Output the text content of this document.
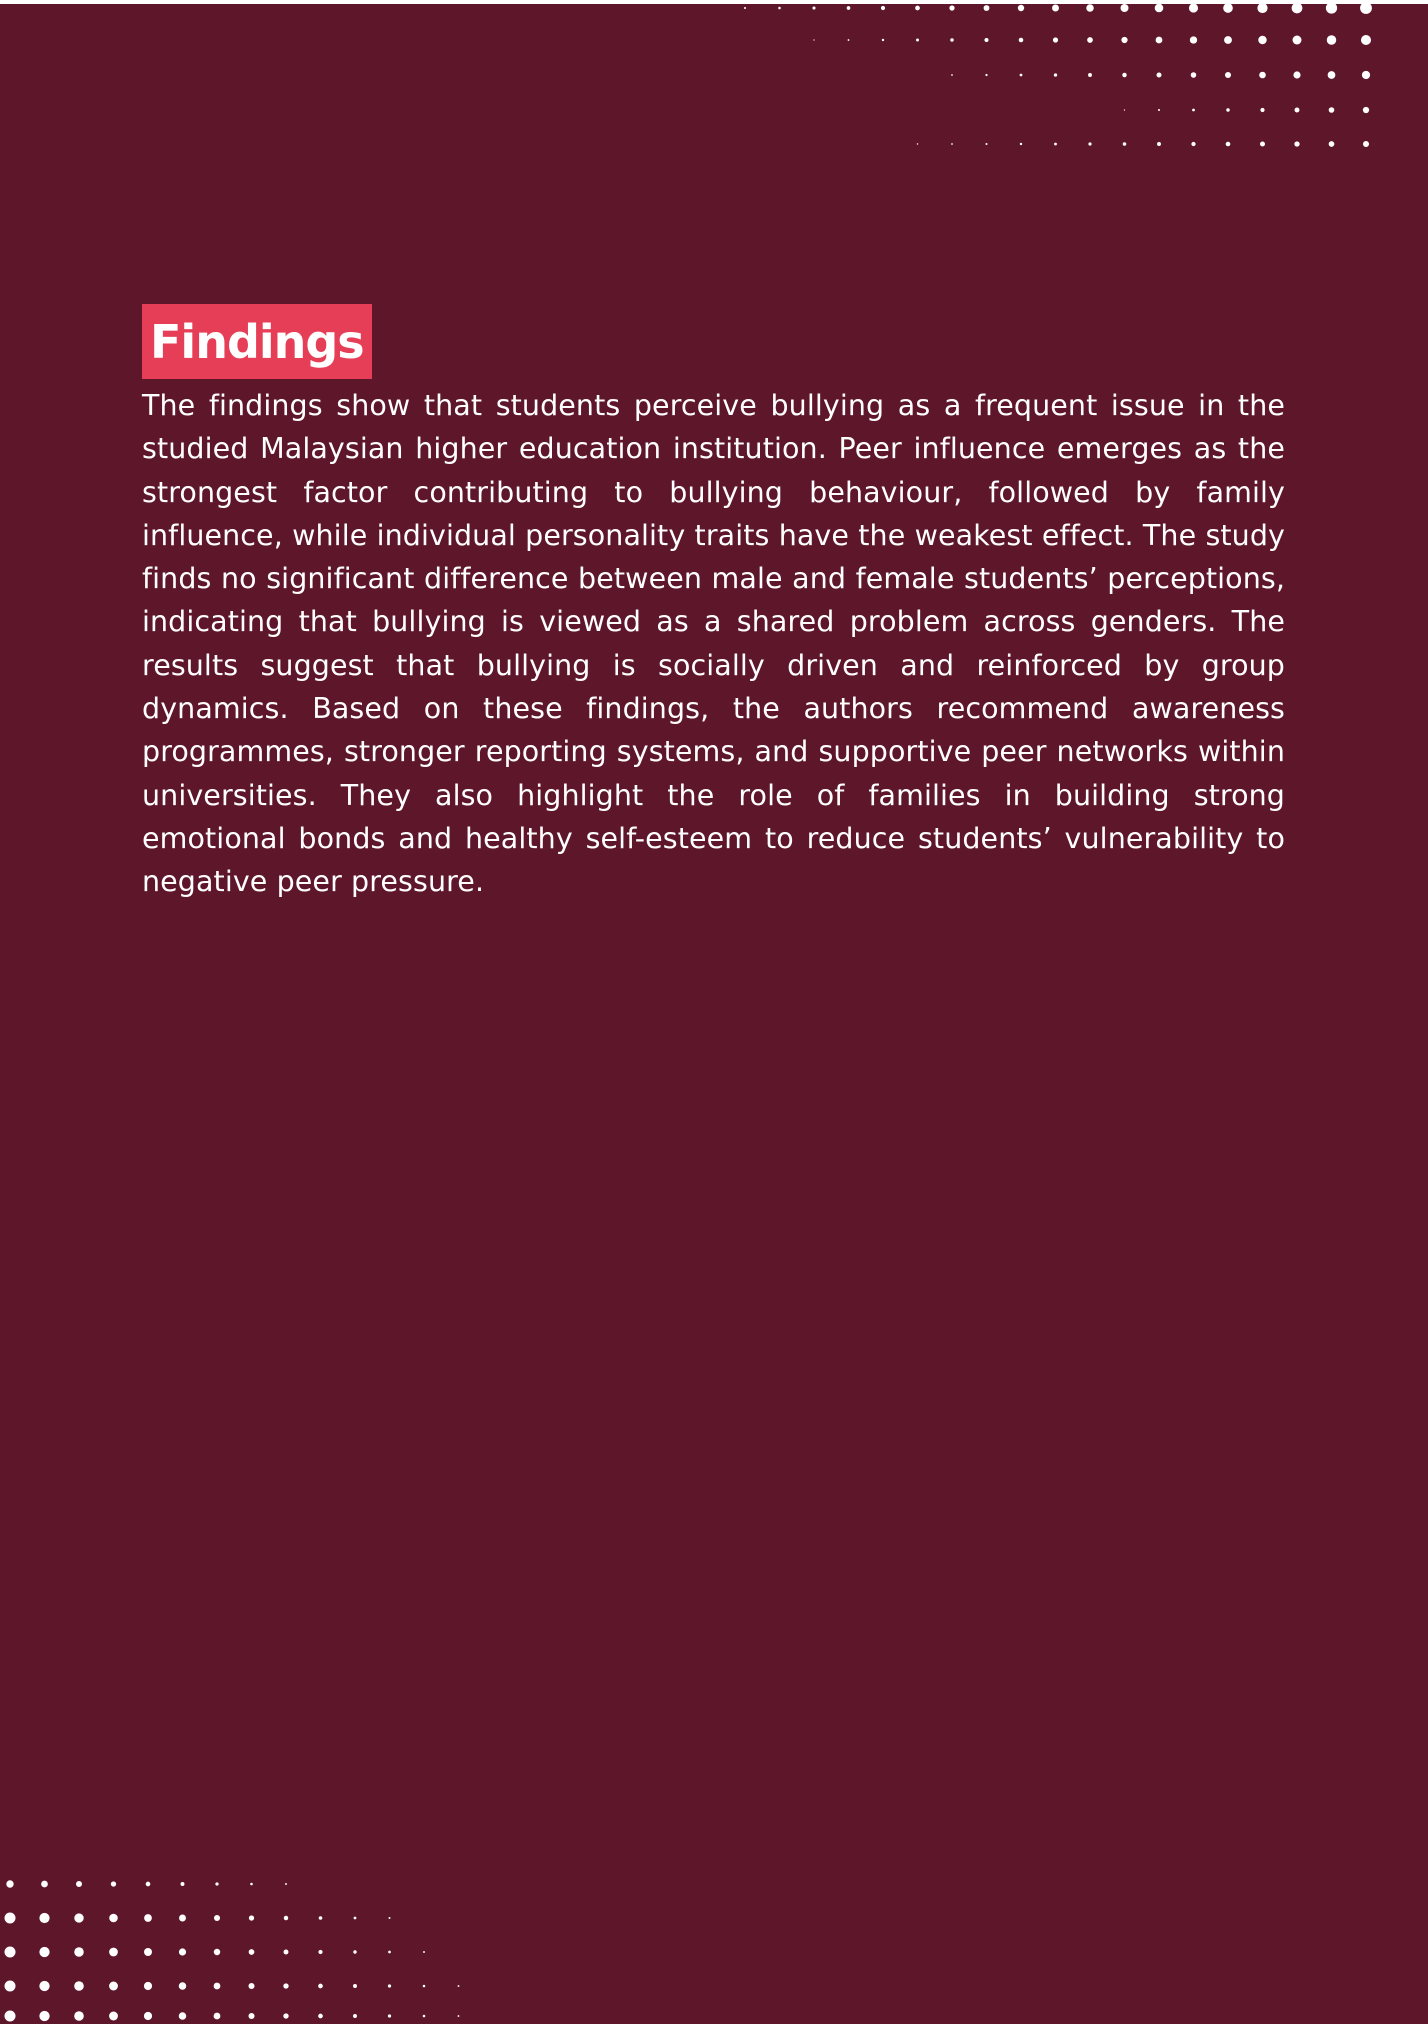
Findings

The findings show that students perceive bullying as a frequent issue in the studied Malaysian higher education institution. Peer influence emerges as the strongest factor contributing to bullying behaviour, followed by family influence, while individual personality traits have the weakest effect. The study finds no significant difference between male and female students’ perceptions, indicating that bullying is viewed as a shared problem across genders. The results suggest that bullying is socially driven and reinforced by group dynamics. Based on these findings, the authors recommend awareness programmes, stronger reporting systems, and supportive peer networks within universities. They also highlight the role of families in building strong emotional bonds and healthy self-esteem to reduce students’ vulnerability to negative peer pressure.
